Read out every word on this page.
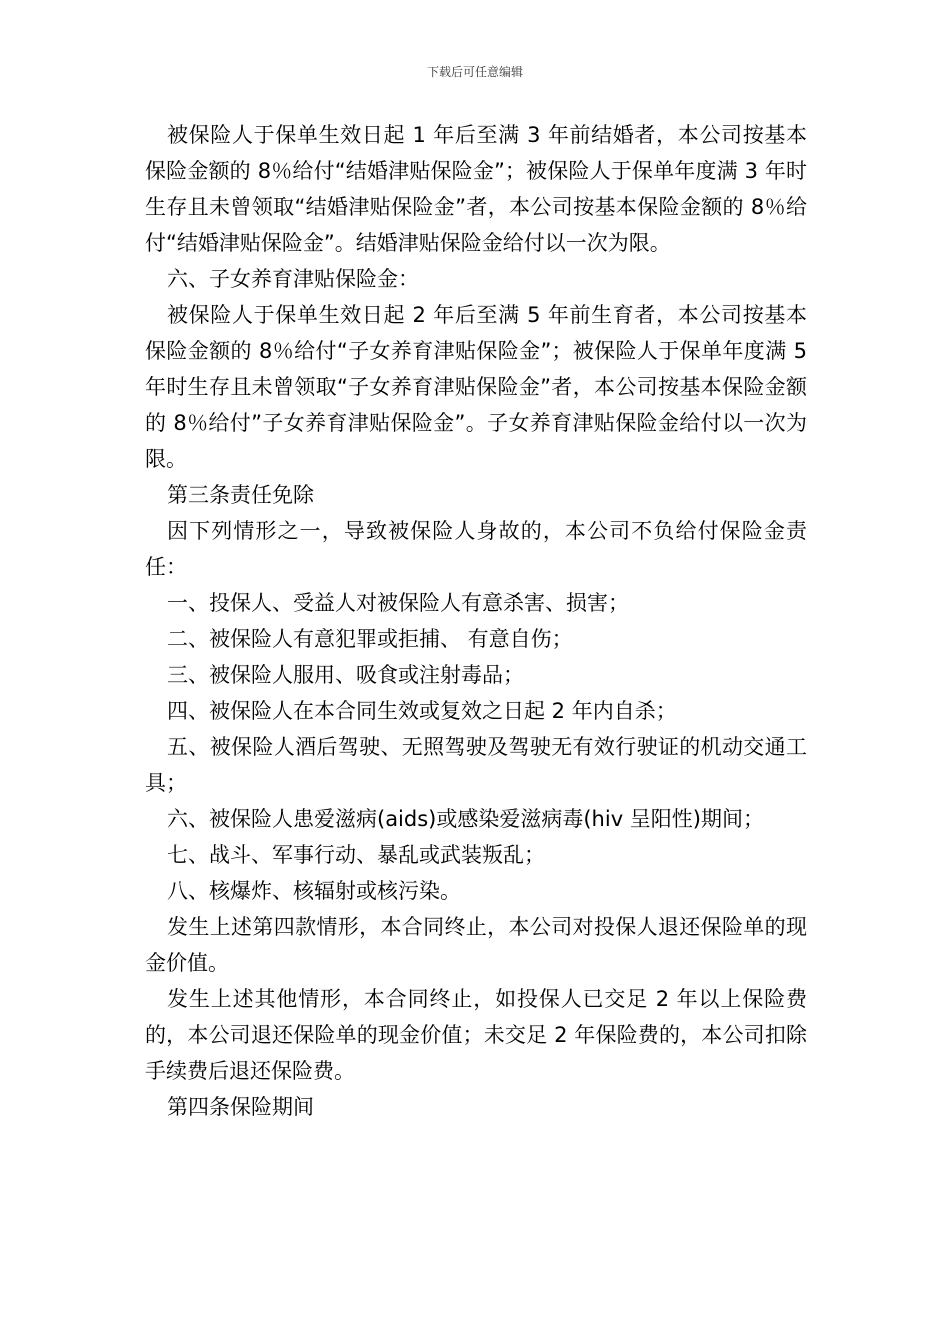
下载后可任意编辑

被保险人于保单生效日起 1 年后至满 3 年前结婚者，本公司按基本保险金额的 8％给付“结婚津贴保险金”；被保险人于保单年度满 3 年时生存且未曾领取“结婚津贴保险金”者，本公司按基本保险金额的 8％给付“结婚津贴保险金”。结婚津贴保险金给付以一次为限。

六、子女养育津贴保险金：

被保险人于保单生效日起 2 年后至满 5 年前生育者，本公司按基本保险金额的 8％给付“子女养育津贴保险金”；被保险人于保单年度满 5 年时生存且未曾领取“子女养育津贴保险金”者，本公司按基本保险金额的 8％给付”子女养育津贴保险金”。子女养育津贴保险金给付以一次为限。

第三条责任免除

因下列情形之一，导致被保险人身故的，本公司不负给付保险金责任：

一、投保人、受益人对被保险人有意杀害、损害；

二、被保险人有意犯罪或拒捕、 有意自伤；

三、被保险人服用、吸食或注射毒品；

四、被保险人在本合同生效或复效之日起 2 年内自杀；

五、被保险人酒后驾驶、无照驾驶及驾驶无有效行驶证的机动交通工具；

六、被保险人患爱滋病(aids)或感染爱滋病毒(hiv 呈阳性)期间；

七、战斗、军事行动、暴乱或武装叛乱；

八、核爆炸、核辐射或核污染。

发生上述第四款情形，本合同终止，本公司对投保人退还保险单的现金价值。

发生上述其他情形，本合同终止，如投保人已交足 2 年以上保险费的，本公司退还保险单的现金价值；未交足 2 年保险费的，本公司扣除手续费后退还保险费。

第四条保险期间
